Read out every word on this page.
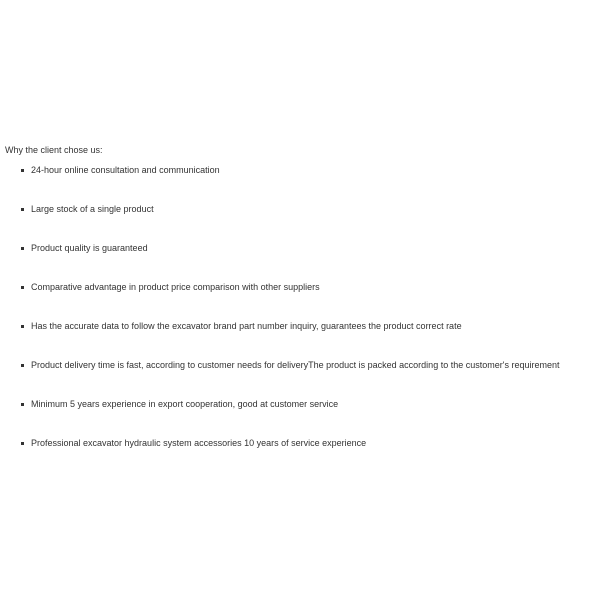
Why the client chose us:

24-hour online consultation and communication
Large stock of a single product
Product quality is guaranteed
Comparative advantage in product price comparison with other suppliers
Has the accurate data to follow the excavator brand part number inquiry, guarantees the product correct rate
Product delivery time is fast, according to customer needs for deliveryThe product is packed according to the customer's requirement
Minimum 5 years experience in export cooperation, good at customer service
Professional excavator hydraulic system accessories 10 years of service experience
